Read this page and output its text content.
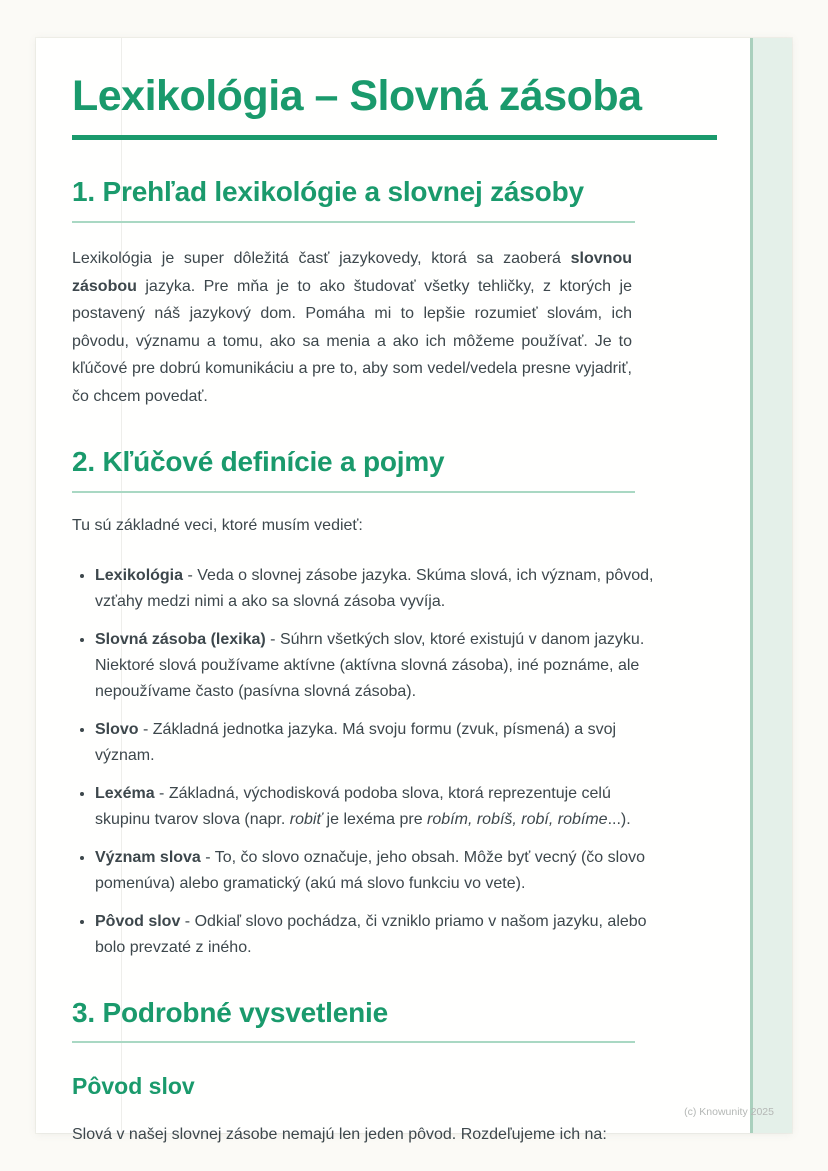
Lexikológia – Slovná zásoba
1. Prehľad lexikológie a slovnej zásoby

Lexikológia je super dôležitá časť jazykovedy, ktorá sa zaoberá slovnou zásobou jazyka. Pre mňa je to ako študovať všetky tehličky, z ktorých je postavený náš jazykový dom. Pomáha mi to lepšie rozumieť slovám, ich pôvodu, významu a tomu, ako sa menia a ako ich môžeme používať. Je to kľúčové pre dobrú komunikáciu a pre to, aby som vedel/vedela presne vyjadriť, čo chcem povedať.

2. Kľúčové definície a pojmy

Tu sú základné veci, ktoré musím vedieť:

• Lexikológia - Veda o slovnej zásobe jazyka. Skúma slová, ich význam, pôvod, vzťahy medzi nimi a ako sa slovná zásoba vyvíja.
• Slovná zásoba (lexika) - Súhrn všetkých slov, ktoré existujú v danom jazyku. Niektoré slová používame aktívne (aktívna slovná zásoba), iné poznáme, ale nepoužívame často (pasívna slovná zásoba).
• Slovo - Základná jednotka jazyka. Má svoju formu (zvuk, písmená) a svoj význam.
• Lexéma - Základná, východisková podoba slova, ktorá reprezentuje celú skupinu tvarov slova (napr. robiť je lexéma pre robím, robíš, robí, robíme...).
• Význam slova - To, čo slovo označuje, jeho obsah. Môže byť vecný (čo slovo pomenúva) alebo gramatický (akú má slovo funkciu vo vete).
• Pôvod slov - Odkiaľ slovo pochádza, či vzniklo priamo v našom jazyku, alebo bolo prevzaté z iného.
3. Podrobné vysvetlenie
Pôvod slov

Slová v našej slovnej zásobe nemajú len jeden pôvod. Rozdeľujeme ich na:

(c) Knowunity 2025
